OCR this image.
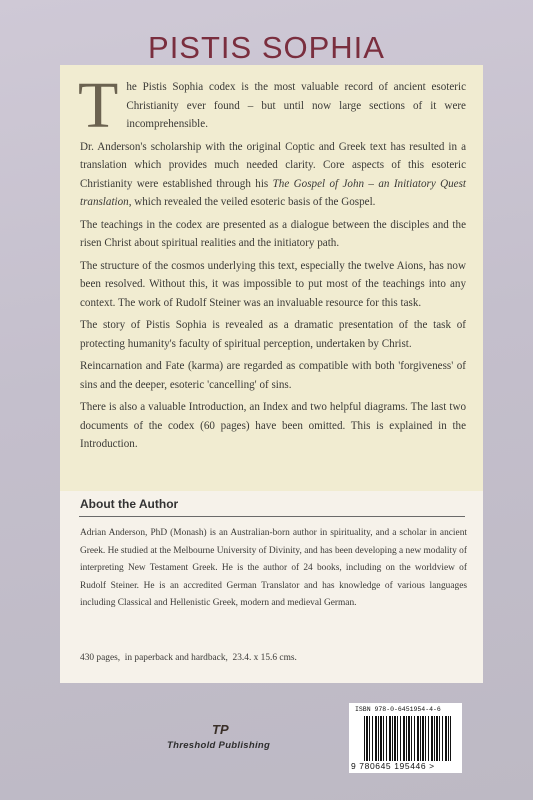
PISTIS SOPHIA

The Pistis Sophia codex is the most valuable record of ancient esoteric Christianity ever found – but until now large sections of it were incomprehensible.

Dr. Anderson's scholarship with the original Coptic and Greek text has resulted in a translation which provides much needed clarity. Core aspects of this esoteric Christianity were established through his The Gospel of John – an Initiatory Quest translation, which revealed the veiled esoteric basis of the Gospel.

The teachings in the codex are presented as a dialogue between the disciples and the risen Christ about spiritual realities and the initiatory path.

The structure of the cosmos underlying this text, especially the twelve Aions, has now been resolved. Without this, it was impossible to put most of the teachings into any context. The work of Rudolf Steiner was an invaluable resource for this task.

The story of Pistis Sophia is revealed as a dramatic presentation of the task of protecting humanity's faculty of spiritual perception, undertaken by Christ.

Reincarnation and Fate (karma) are regarded as compatible with both 'forgiveness' of sins and the deeper, esoteric 'cancelling' of sins.

There is also a valuable Introduction, an Index and two helpful diagrams. The last two documents of the codex (60 pages) have been omitted. This is explained in the Introduction.

About the Author
Adrian Anderson, PhD (Monash) is an Australian-born author in spirituality, and a scholar in ancient Greek. He studied at the Melbourne University of Divinity, and has been developing a new modality of interpreting New Testament Greek. He is the author of 24 books, including on the worldview of Rudolf Steiner. He is an accredited German Translator and has knowledge of various languages including Classical and Hellenistic Greek, modern and medieval German.
430 pages,  in paperback and hardback,  23.4. x 15.6 cms.
ISBN 978-0-6451954-4-6
9 780645 195446 >
TP
Threshold Publishing
